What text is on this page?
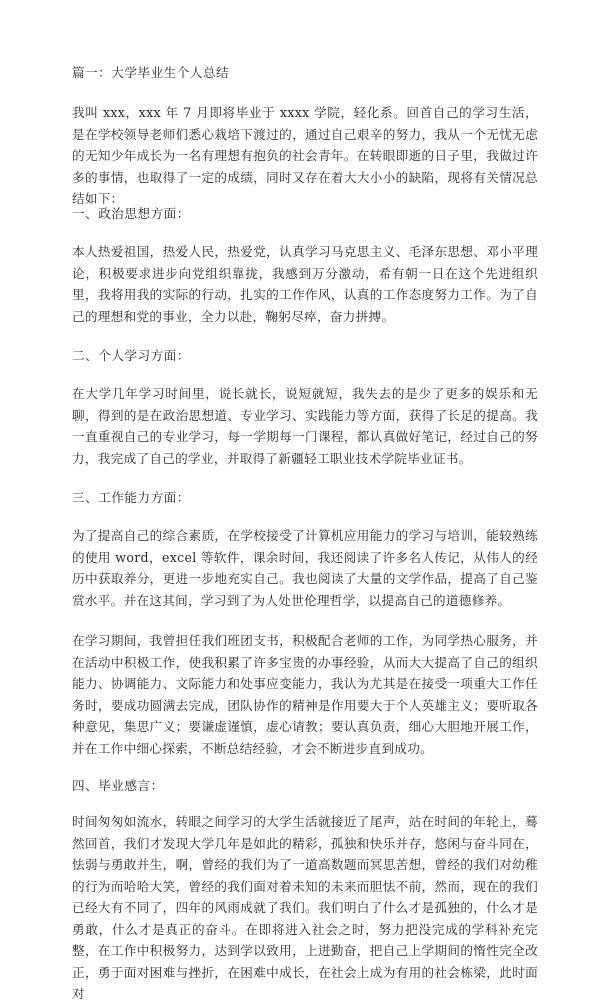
篇一：大学毕业生个人总结
我叫 xxx，xxx 年 7 月即将毕业于 xxxx 学院，轻化系。回首自己的学习生活，是在学校领导老师们悉心栽培下渡过的，通过自己艰辛的努力，我从一个无忧无虑的无知少年成长为一名有理想有抱负的社会青年。在转眼即逝的日子里，我做过许多的事情，也取得了一定的成绩，同时又存在着大大小小的缺陷，现将有关情况总结如下：
一、政治思想方面：
本人热爱祖国，热爱人民，热爱党，认真学习马克思主义、毛泽东思想、邓小平理论，积极要求进步向党组织靠拢，我感到万分激动，希有朝一日在这个先进组织里，我将用我的实际的行动，扎实的工作作风，认真的工作态度努力工作。为了自己的理想和党的事业，全力以赴，鞠躬尽瘁，奋力拼搏。
二、个人学习方面：
在大学几年学习时间里，说长就长，说短就短，我失去的是少了更多的娱乐和无聊，得到的是在政治思想道、专业学习、实践能力等方面，获得了长足的提高。我一直重视自己的专业学习，每一学期每一门课程，都认真做好笔记，经过自己的努力，我完成了自己的学业，并取得了新疆轻工职业技术学院毕业证书。
三、工作能力方面：
为了提高自己的综合素质，在学校接受了计算机应用能力的学习与培训，能较熟练的使用 word，excel 等软件，课余时间，我还阅读了许多名人传记，从伟人的经历中获取养分，更进一步地充实自己。我也阅读了大量的文学作品，提高了自己鉴赏水平。并在这其间，学习到了为人处世伦理哲学，以提高自己的道德修养。
在学习期间，我曾担任我们班团支书，积极配合老师的工作，为同学热心服务，并在活动中积极工作，使我积累了许多宝贵的办事经验，从而大大提高了自己的组织能力、协调能力、文际能力和处事应变能力，我认为尤其是在接受一项重大工作任务时，要成功圆满去完成，团队协作的精神是作用要大于个人英雄主义；要听取各种意见，集思广义；要谦虚谨慎，虚心请教；要认真负责，细心大胆地开展工作，并在工作中细心探索，不断总结经验，才会不断进步直到成功。
四、毕业感言：
时间匆匆如流水，转眼之间学习的大学生活就接近了尾声，站在时间的年轮上，蓦然回首，我们才发现大学几年是如此的精彩，孤独和快乐并存，悠闲与奋斗同在，怯弱与勇敢并生，啊，曾经的我们为了一道高数题而冥思苦想，曾经的我们对幼稚的行为而哈哈大笑，曾经的我们面对着未知的未来而胆怯不前，然而，现在的我们已经大有不同了，四年的风雨成就了我们。我们明白了什么才是孤独的，什么才是勇敢，什么才是真正的奋斗。在即将进入社会之时，努力把没完成的学科补充完整，在工作中积极努力，达到学以致用，上进勤奋，把自己上学期间的惰性完全改正，勇于面对困难与挫折，在困难中成长，在社会上成为有用的社会栋梁，此时面对
